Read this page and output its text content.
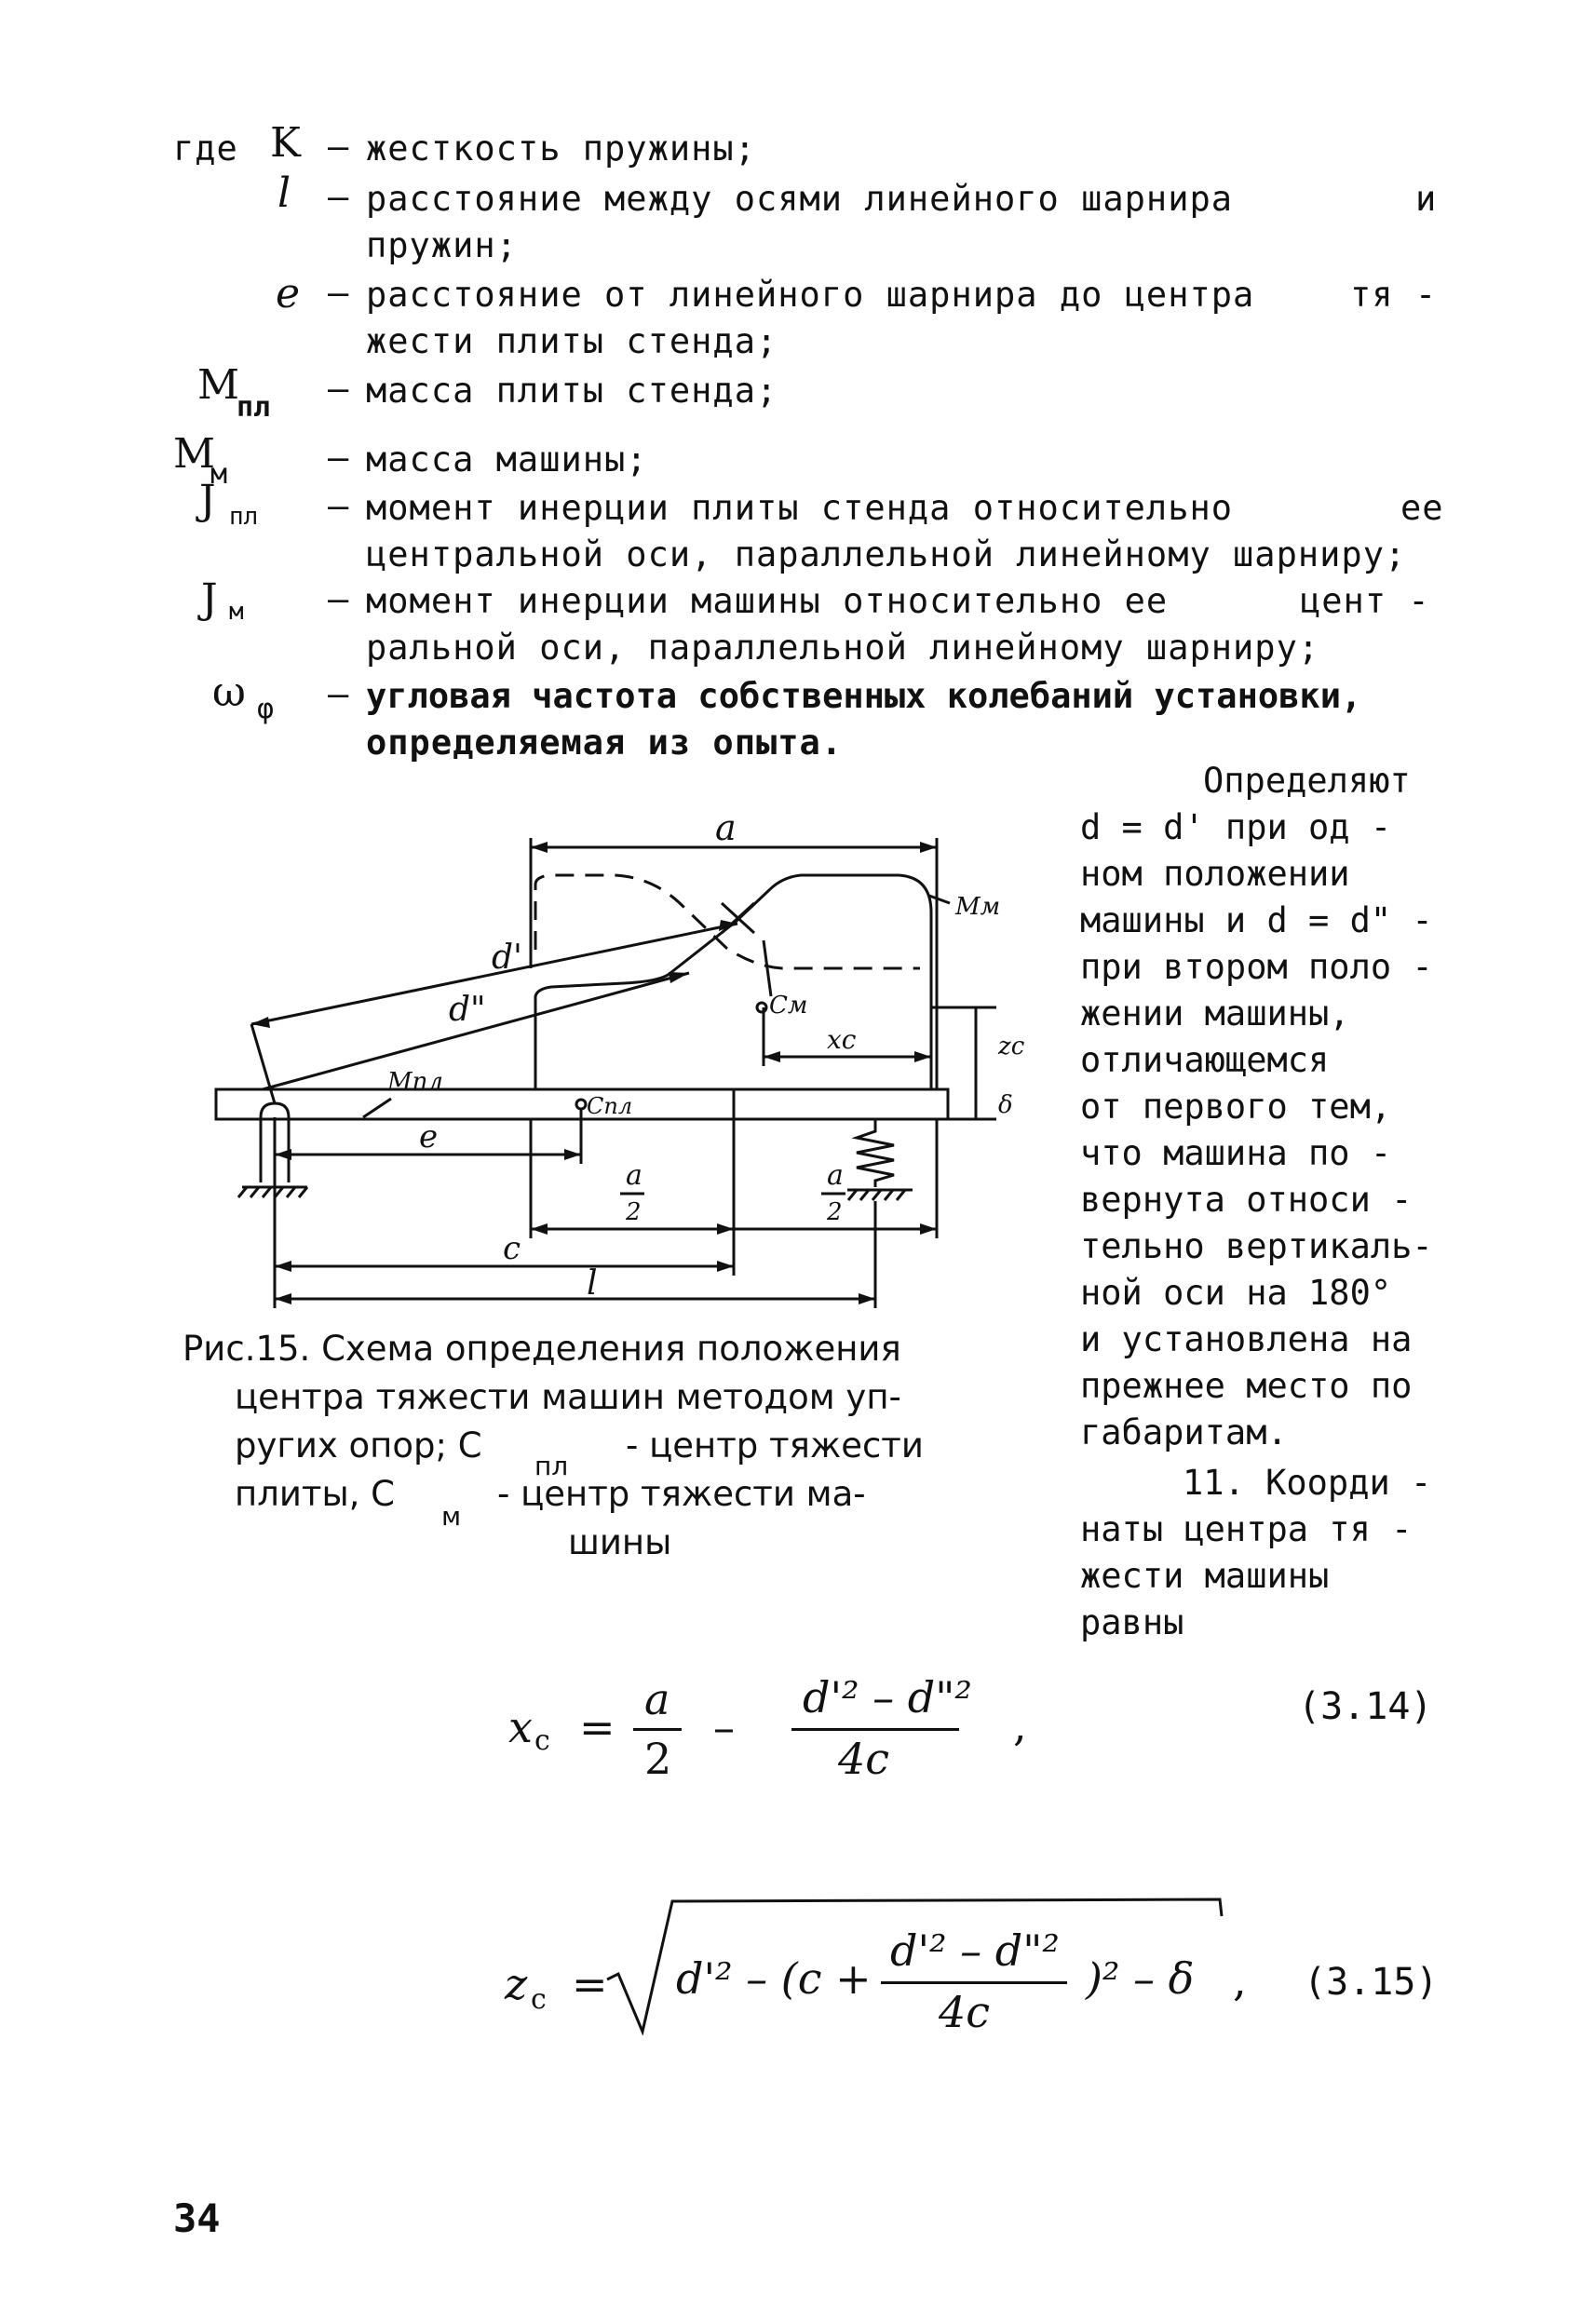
где K – жесткость пружины;
l – расстояние между осями линейного шарнира	и
пружин;
e – расстояние от линейного шарнира до центра	тя -
жести плиты стенда;
M
пл – масса плиты стенда;
M
м	– масса машины;
J пл – момент инерции плиты стенда относительно	ее
центральной оси, параллельной линейному шарниру;
J м – момент инерции машины относительно ее	цент -
ральной оси, параллельной линейному шарниру;
ω φ – угловая частота собственных колебаний установки,
определяемая из опыта.
a
d'
d"
Mм
Cм
xc	zc
δ
Mпл
Cпл
e
a
2
a
2
c
l
Рис.15. Схема определения положения
центра тяжести машин методом уп-
ругих опор; С
пл
- центр тяжести
плиты, С
м
- центр тяжести ма-
шины
Определяют
d = d' при од -
ном положении
машины и d = d" -
при втором поло -
жении машины,
отличающемся
от первого тем,
что машина по -
вернута относи -
тельно вертикаль-
ной оси на 180°
и установлена на
прежнее место по
габаритам.
11. Коорди -
наты центра тя -
жести машины
равны
x c =
a
2
–
d'² – d"²
4c
,	(3.14)
z c = d'² – (c +
d'² – d"²
4c
)² – δ , (3.15)
34
